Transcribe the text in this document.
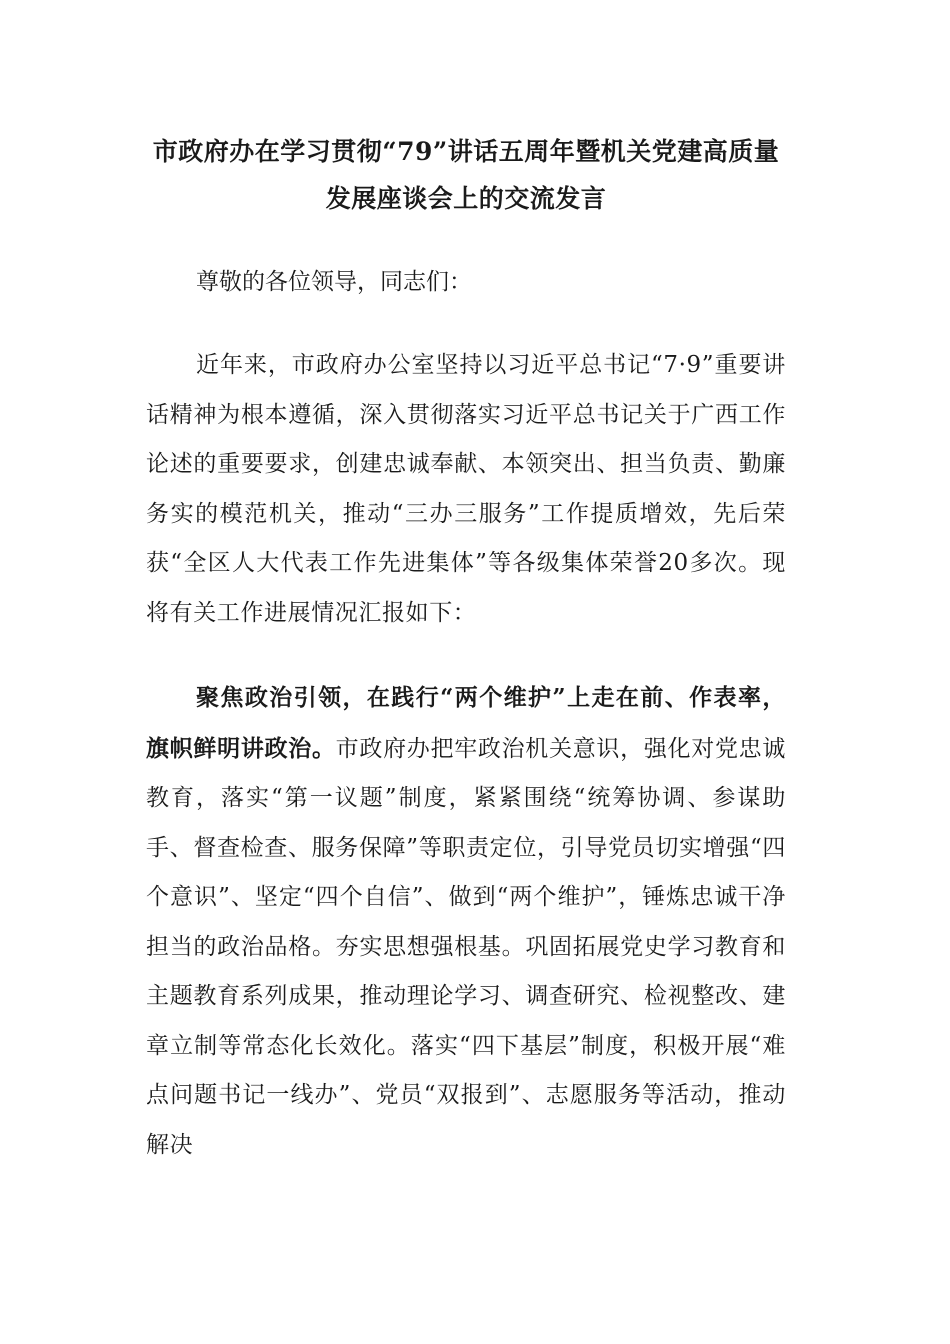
市政府办在学习贯彻“79”讲话五周年暨机关党建高质量
发展座谈会上的交流发言

尊敬的各位领导，同志们：

近年来，市政府办公室坚持以习近平总书记“7·9”重要讲话精神为根本遵循，深入贯彻落实习近平总书记关于广西工作论述的重要要求，创建忠诚奉献、本领突出、担当负责、勤廉务实的模范机关，推动“三办三服务”工作提质增效，先后荣获“全区人大代表工作先进集体”等各级集体荣誉20多次。现将有关工作进展情况汇报如下：

聚焦政治引领，在践行“两个维护”上走在前、作表率，旗帜鲜明讲政治。市政府办把牢政治机关意识，强化对党忠诚教育，落实“第一议题”制度，紧紧围绕“统筹协调、参谋助手、督查检查、服务保障”等职责定位，引导党员切实增强“四个意识”、坚定“四个自信”、做到“两个维护”，锤炼忠诚干净担当的政治品格。夯实思想强根基。巩固拓展党史学习教育和主题教育系列成果，推动理论学习、调查研究、检视整改、建章立制等常态化长效化。落实“四下基层”制度，积极开展“难点问题书记一线办”、党员“双报到”、志愿服务等活动，推动解决
